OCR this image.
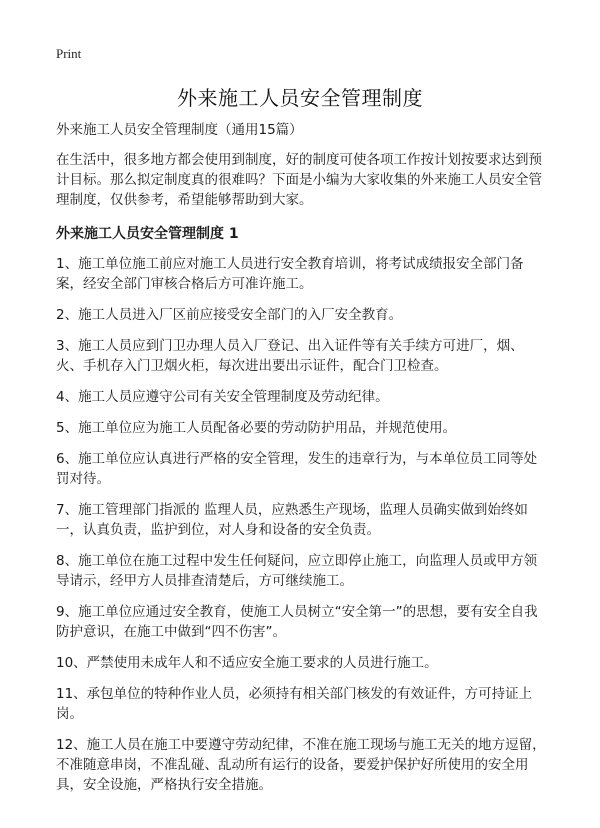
Print
外来施工人员安全管理制度

外来施工人员安全管理制度（通用15篇）

在生活中，很多地方都会使用到制度，好的制度可使各项工作按计划按要求达到预计目标。那么拟定制度真的很难吗？下面是小编为大家收集的外来施工人员安全管理制度，仅供参考，希望能够帮助到大家。

外来施工人员安全管理制度 1

1、施工单位施工前应对施工人员进行安全教育培训，将考试成绩报安全部门备案，经安全部门审核合格后方可准许施工。

2、施工人员进入厂区前应接受安全部门的入厂安全教育。

3、施工人员应到门卫办理人员入厂登记、出入证件等有关手续方可进厂，烟、火、手机存入门卫烟火柜，每次进出要出示证件，配合门卫检查。

4、施工人员应遵守公司有关安全管理制度及劳动纪律。

5、施工单位应为施工人员配备必要的劳动防护用品，并规范使用。

6、施工单位应认真进行严格的安全管理，发生的违章行为，与本单位员工同等处罚对待。

7、施工管理部门指派的 监理人员，应熟悉生产现场，监理人员确实做到始终如一，认真负责，监护到位，对人身和设备的安全负责。

8、施工单位在施工过程中发生任何疑问，应立即停止施工，向监理人员或甲方领导请示，经甲方人员排查清楚后，方可继续施工。

9、施工单位应通过安全教育，使施工人员树立“安全第一”的思想，要有安全自我防护意识，在施工中做到“四不伤害”。

10、严禁使用未成年人和不适应安全施工要求的人员进行施工。

11、承包单位的特种作业人员，必须持有相关部门核发的有效证件，方可持证上岗。

12、施工人员在施工中要遵守劳动纪律，不准在施工现场与施工无关的地方逗留，不准随意串岗，不准乱碰、乱动所有运行的设备，要爱护保护好所使用的安全用具，安全设施，严格执行安全措施。
